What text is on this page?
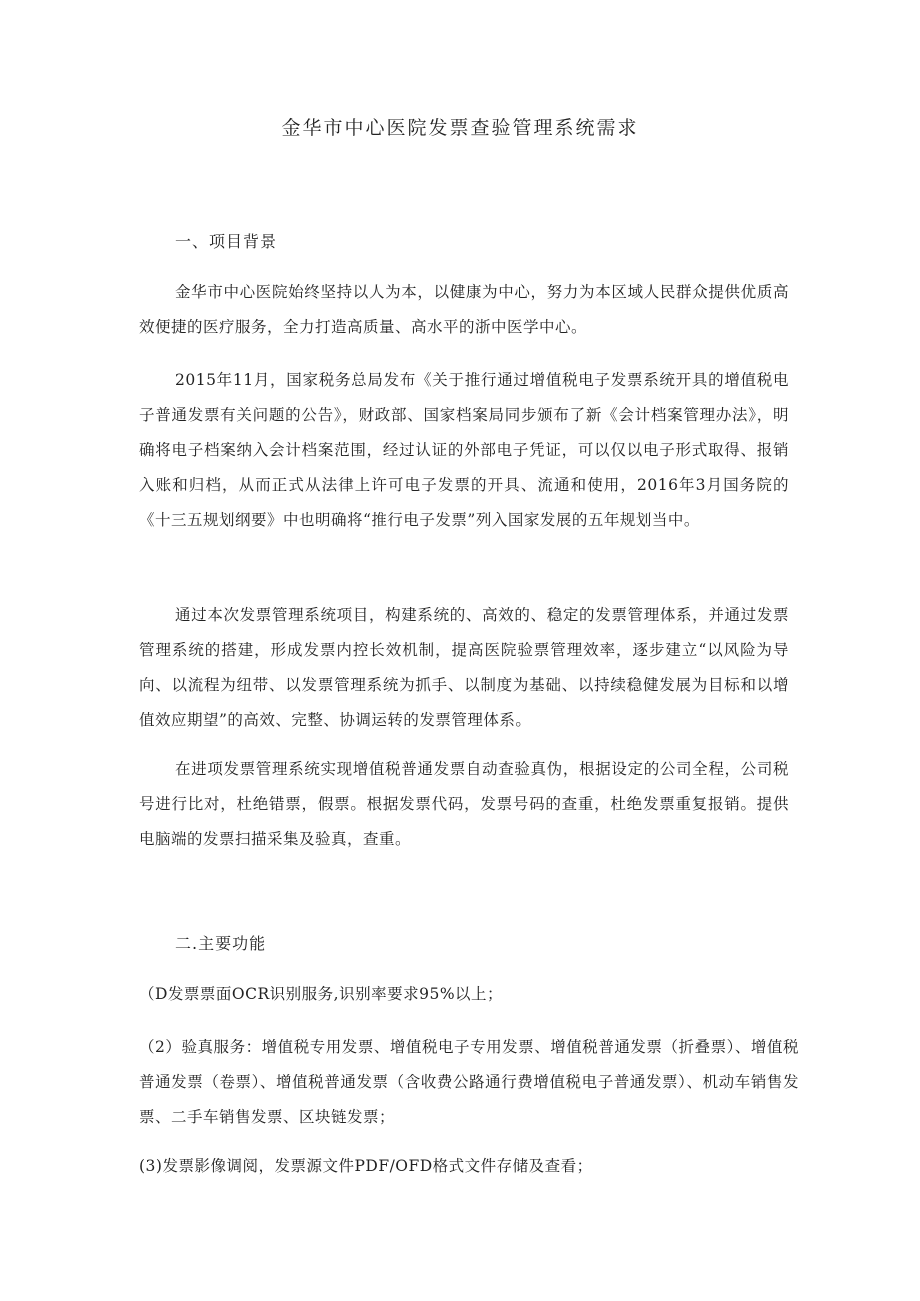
金华市中心医院发票查验管理系统需求
一、项目背景
金华市中心医院始终坚持以人为本，以健康为中心，努力为本区域人民群众提供优质高效便捷的医疗服务，全力打造高质量、高水平的浙中医学中心。
2015年11月，国家税务总局发布《关于推行通过增值税电子发票系统开具的增值税电子普通发票有关问题的公告》，财政部、国家档案局同步颁布了新《会计档案管理办法》，明确将电子档案纳入会计档案范围，经过认证的外部电子凭证，可以仅以电子形式取得、报销入账和归档，从而正式从法律上许可电子发票的开具、流通和使用，2016年3月国务院的《十三五规划纲要》中也明确将“推行电子发票”列入国家发展的五年规划当中。
通过本次发票管理系统项目，构建系统的、高效的、稳定的发票管理体系，并通过发票管理系统的搭建，形成发票内控长效机制，提高医院验票管理效率，逐步建立“以风险为导向、以流程为纽带、以发票管理系统为抓手、以制度为基础、以持续稳健发展为目标和以增值效应期望”的高效、完整、协调运转的发票管理体系。
在进项发票管理系统实现增值税普通发票自动查验真伪，根据设定的公司全程，公司税号进行比对，杜绝错票，假票。根据发票代码，发票号码的查重，杜绝发票重复报销。提供电脑端的发票扫描采集及验真，查重。
二.主要功能
（D发票票面OCR识别服务,识别率要求95%以上；
（2）验真服务：增值税专用发票、增值税电子专用发票、增值税普通发票（折叠票）、增值税普通发票（卷票）、增值税普通发票（含收费公路通行费增值税电子普通发票）、机动车销售发票、二手车销售发票、区块链发票；
(3)发票影像调阅，发票源文件PDF/OFD格式文件存储及查看；
